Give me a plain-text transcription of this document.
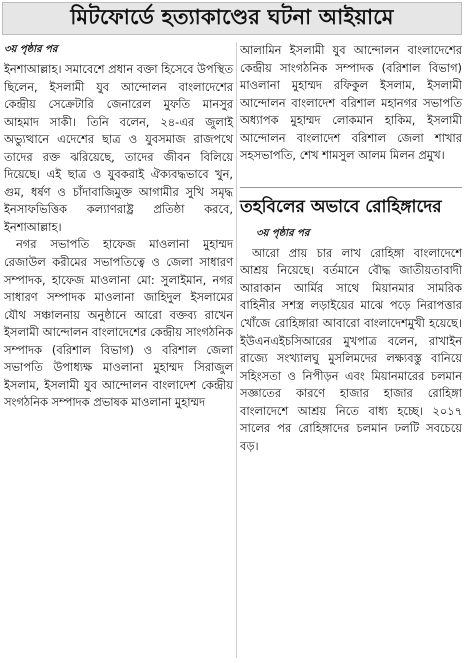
মিটফোর্ডে হত্যাকাণ্ডের ঘটনা আইয়ামে
৩য় পৃষ্ঠার পর

ইনশাআল্লাহ। সমাবেশে প্রধান বক্তা হিসেবে উপস্থিত ছিলেন, ইসলামী যুব আন্দোলন বাংলাদেশের কেন্দ্রীয় সেক্রেটারি জেনারেল মুফতি মানসুর আহমাদ সাকী। তিনি বলেন, ২৪-এর জুলাই অভ্যুত্থানে এদেশের ছাত্র ও যুবসমাজ রাজপথে তাদের রক্ত ঝরিয়েছে, তাদের জীবন বিলিয়ে দিয়েছে। এই ছাত্র ও যুবকরাই ঐক্যবদ্ধভাবে খুন, গুম, ধর্ষণ ও চাঁদাবাজিমুক্ত আগামীর সুখি সমৃদ্ধ ইনসাফভিত্তিক কল্যাণরাষ্ট্র প্রতিষ্ঠা করবে, ইনশাআল্লাহ।

নগর সভাপতি হাফেজ মাওলানা মুহাম্মদ রেজাউল করীমের সভাপতিত্বে ও জেলা সাধারণ সম্পাদক, হাফেজ মাওলানা মো: সুলাইমান, নগর সাধারণ সম্পাদক মাওলানা জাহিদুল ইসলামের যৌথ সঞ্চালনায় অনুষ্ঠানে আরো বক্তব্য রাখেন ইসলামী আন্দোলন বাংলাদেশের কেন্দ্রীয় সাংগঠনিক সম্পাদক (বরিশাল বিভাগ) ও বরিশাল জেলা সভাপতি উপাধ্যক্ষ মাওলানা মুহাম্মদ সিরাজুল ইসলাম, ইসলামী যুব আন্দোলন বাংলাদেশ কেন্দ্রীয় সংগঠনিক সম্পাদক প্রভাষক মাওলানা মুহাম্মদ

আলামিন ইসলামী যুব আন্দোলন বাংলাদেশের কেন্দ্রীয় সাংগঠনিক সম্পাদক (বরিশাল বিভাগ) মাওলানা মুহাম্মদ রফিকুল ইসলাম, ইসলামী আন্দোলন বাংলাদেশ বরিশাল মহানগর সভাপতি অধ্যাপক মুহাম্মদ লোকমান হাকিম, ইসলামী আন্দোলন বাংলাদেশ বরিশাল জেলা শাখার সহসভাপতি, শেখ শামসুল আলম মিলন প্রমুখ।

তহবিলের অভাবে রোহিঙ্গাদের
৩য় পৃষ্ঠার পর

আরো প্রায় চার লাখ রোহিঙ্গা বাংলাদেশে আশ্রয় নিয়েছে। বর্তমানে বৌদ্ধ জাতীয়তাবাদী আরাকান আর্মির সাথে মিয়ানমার সামরিক বাহিনীর সশস্ত্র লড়াইয়ের মাঝে পড়ে নিরাপত্তার খোঁজে রোহিঙ্গারা আবারো বাংলাদেশমুখী হয়েছে। ইউএনএইচসিআরের মুখপাত্র বলেন, রাখাইন রাজ্যে সংখ্যালঘু মুসলিমদের লক্ষ্যবস্তু বানিয়ে সহিংসতা ও নিপীড়ন এবং মিয়ানমারের চলমান সজ্ঞাতের কারণে হাজার হাজার রোহিঙ্গা বাংলাদেশে আশ্রয় নিতে বাধ্য হচ্ছে। ২০১৭ সালের পর রোহিঙ্গাদের চলমান ঢলটি সবচেয়ে বড়।
